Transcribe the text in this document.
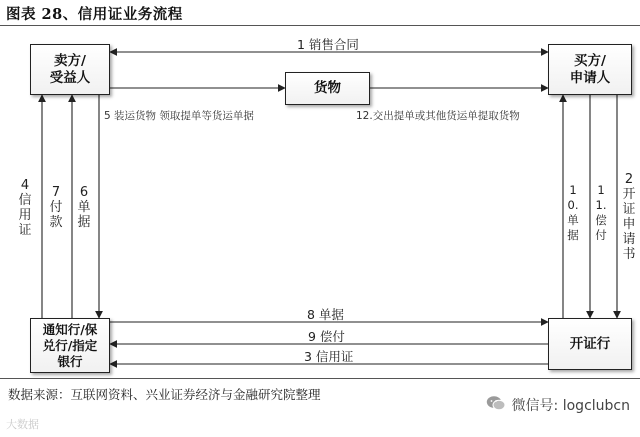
图表 28、信用证业务流程
卖方/
受益人
买方/
申请人
货物
通知行/保
兑行/指定
银行
开证行
1 销售合同
5 装运货物 领取提单等货运单据	12.交出提单或其他货运单提取货物
8 单据
9 偿付
3 信用证
4信用证
7付款
6单据
10.单据
11.偿付
2开证申请书
数据来源：互联网资料、兴业证券经济与金融研究院整理
微信号: logclubcn
大数据
